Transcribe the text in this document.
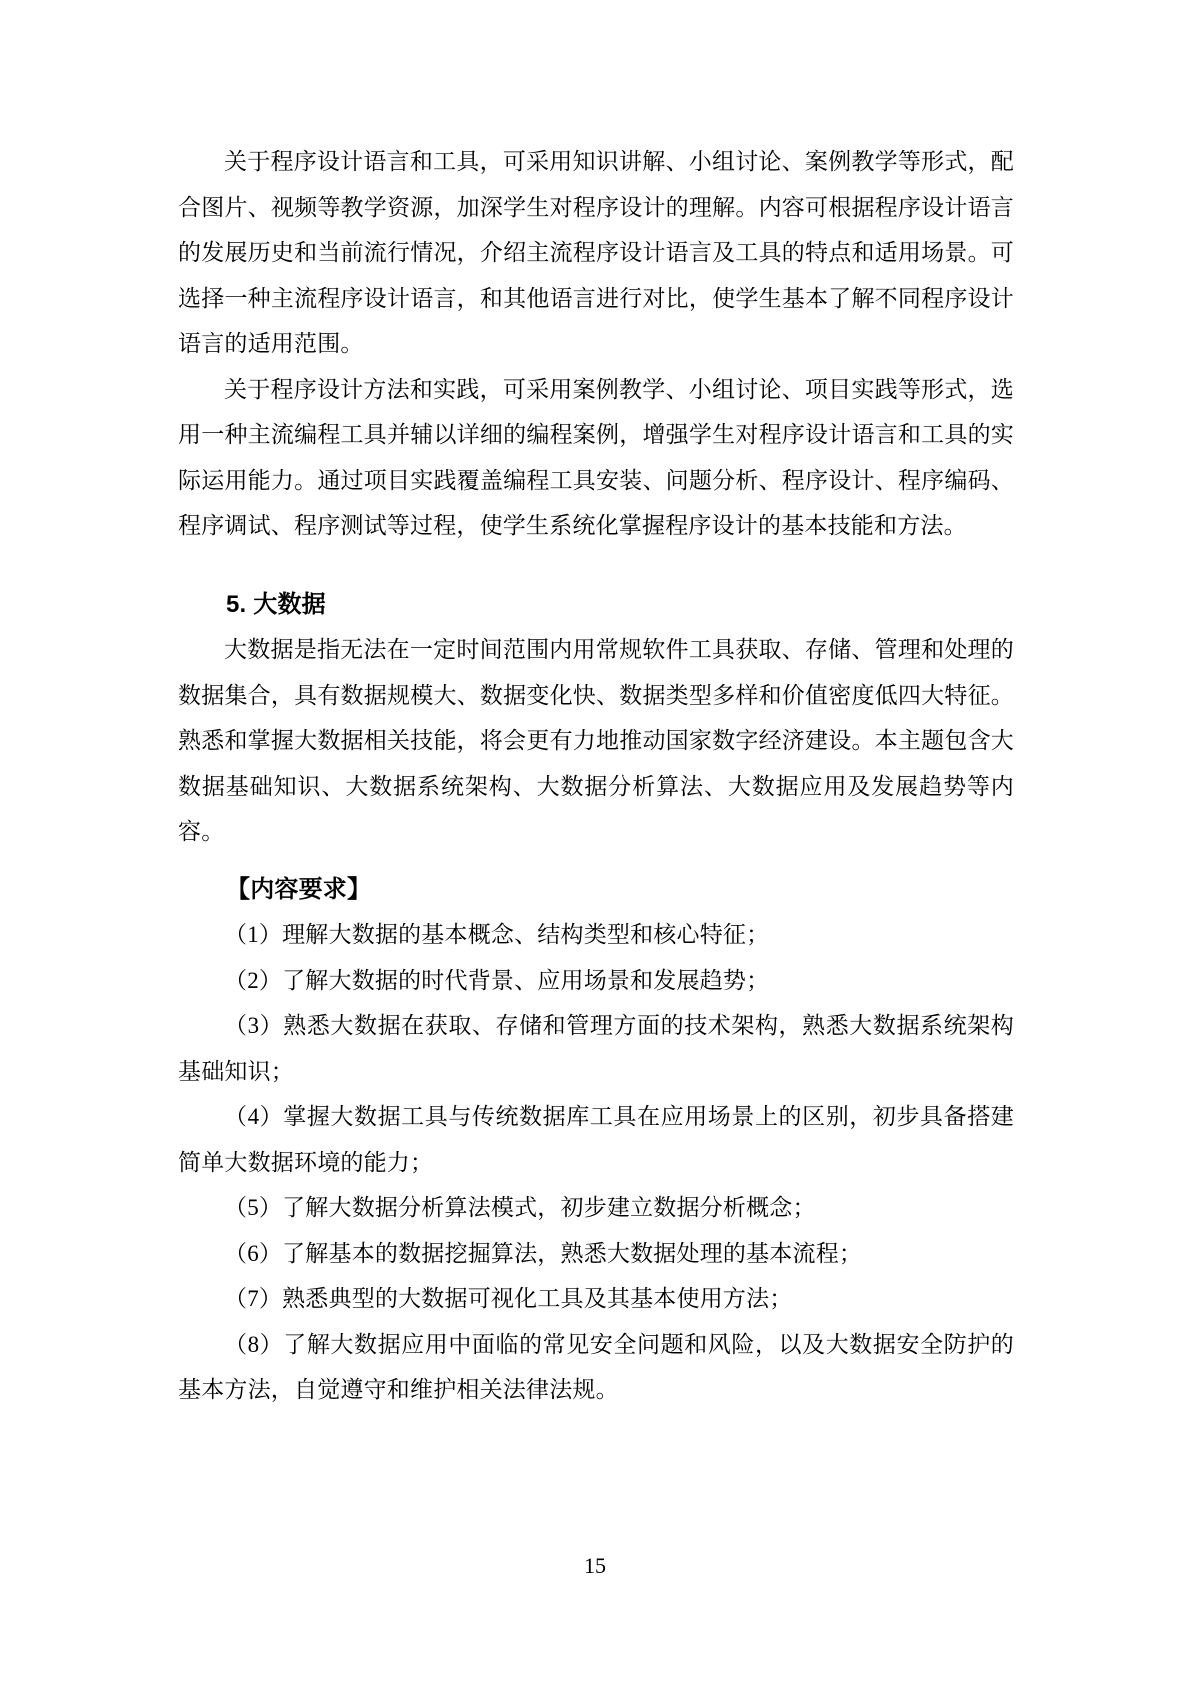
关于程序设计语言和工具，可采用知识讲解、小组讨论、案例教学等形式，配合图片、视频等教学资源，加深学生对程序设计的理解。内容可根据程序设计语言的发展历史和当前流行情况，介绍主流程序设计语言及工具的特点和适用场景。可选择一种主流程序设计语言，和其他语言进行对比，使学生基本了解不同程序设计语言的适用范围。

关于程序设计方法和实践，可采用案例教学、小组讨论、项目实践等形式，选用一种主流编程工具并辅以详细的编程案例，增强学生对程序设计语言和工具的实际运用能力。通过项目实践覆盖编程工具安装、问题分析、程序设计、程序编码、程序调试、程序测试等过程，使学生系统化掌握程序设计的基本技能和方法。

5. 大数据

大数据是指无法在一定时间范围内用常规软件工具获取、存储、管理和处理的数据集合，具有数据规模大、数据变化快、数据类型多样和价值密度低四大特征。熟悉和掌握大数据相关技能，将会更有力地推动国家数字经济建设。本主题包含大数据基础知识、大数据系统架构、大数据分析算法、大数据应用及发展趋势等内容。

【内容要求】

（1）理解大数据的基本概念、结构类型和核心特征；

（2）了解大数据的时代背景、应用场景和发展趋势；

（3）熟悉大数据在获取、存储和管理方面的技术架构，熟悉大数据系统架构基础知识；

（4）掌握大数据工具与传统数据库工具在应用场景上的区别，初步具备搭建简单大数据环境的能力；

（5）了解大数据分析算法模式，初步建立数据分析概念；

（6）了解基本的数据挖掘算法，熟悉大数据处理的基本流程；

（7）熟悉典型的大数据可视化工具及其基本使用方法；

（8）了解大数据应用中面临的常见安全问题和风险，以及大数据安全防护的基本方法，自觉遵守和维护相关法律法规。

15
